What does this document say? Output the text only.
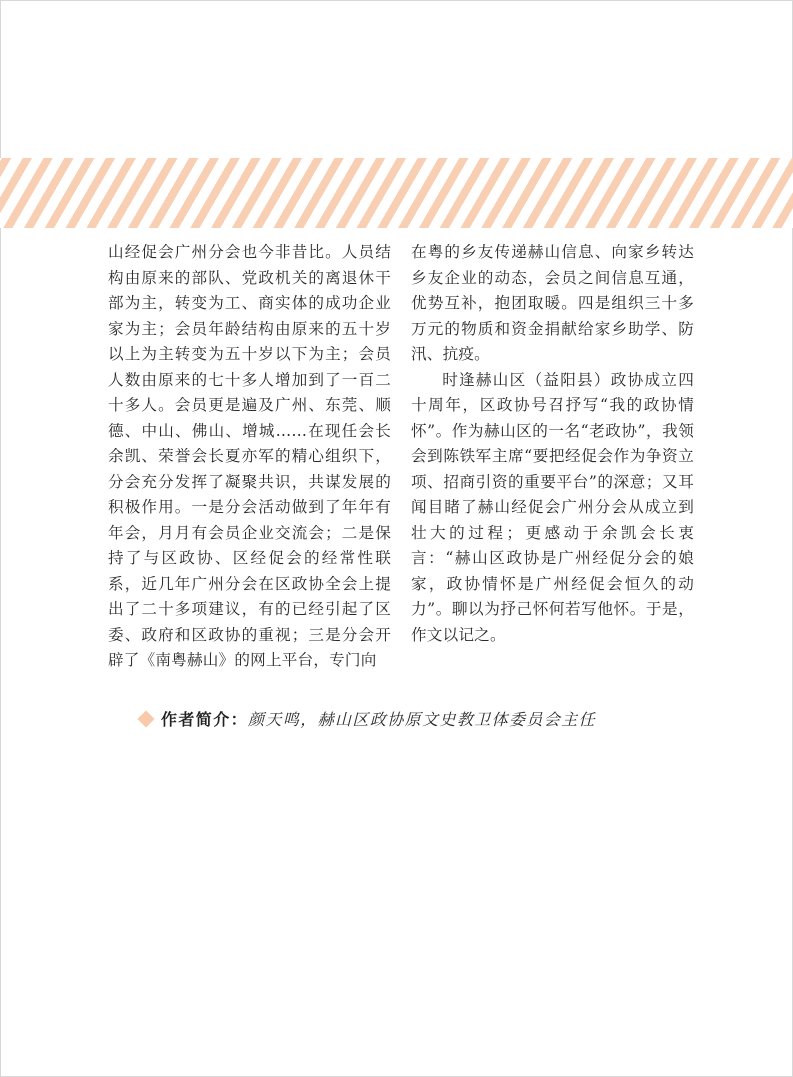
山经促会广州分会也今非昔比。人员结构由原来的部队、党政机关的离退休干部为主，转变为工、商实体的成功企业家为主；会员年龄结构由原来的五十岁以上为主转变为五十岁以下为主；会员人数由原来的七十多人增加到了一百二十多人。会员更是遍及广州、东莞、顺德、中山、佛山、增城……在现任会长余凯、荣誉会长夏亦军的精心组织下，分会充分发挥了凝聚共识，共谋发展的积极作用。一是分会活动做到了年年有年会，月月有会员企业交流会；二是保持了与区政协、区经促会的经常性联系，近几年广州分会在区政协全会上提出了二十多项建议，有的已经引起了区委、政府和区政协的重视；三是分会开辟了《南粤赫山》的网上平台，专门向

在粤的乡友传递赫山信息、向家乡转达乡友企业的动态，会员之间信息互通，优势互补，抱团取暖。四是组织三十多万元的物质和资金捐献给家乡助学、防汛、抗疫。

时逢赫山区（益阳县）政协成立四十周年，区政协号召抒写“我的政协情怀”。作为赫山区的一名“老政协”，我领会到陈铁军主席“要把经促会作为争资立项、招商引资的重要平台”的深意；又耳闻目睹了赫山经促会广州分会从成立到壮大的过程；更感动于余凯会长衷言：“赫山区政协是广州经促分会的娘家，政协情怀是广州经促会恒久的动力”。聊以为抒己怀何若写他怀。于是，作文以记之。

作者简介： 颜天鸣，赫山区政协原文史教卫体委员会主任
